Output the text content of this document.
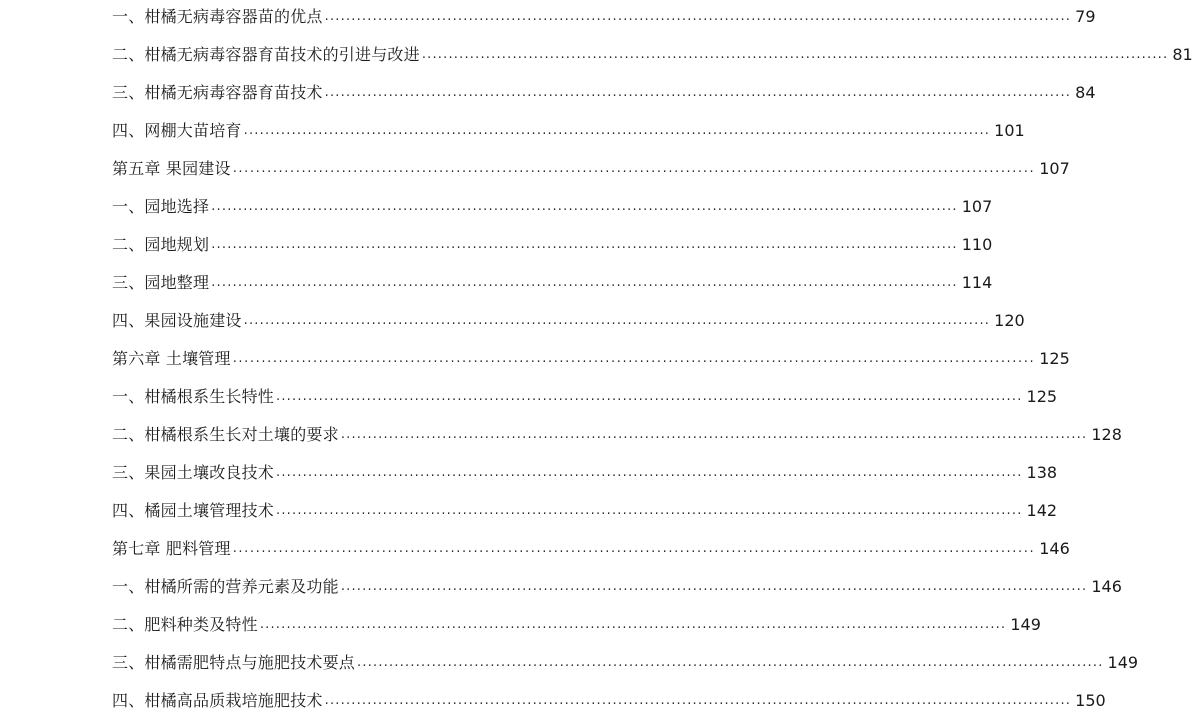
一、柑橘无病毒容器苗的优点 ............................................................................................................................................ 79
二、柑橘无病毒容器育苗技术的引进与改进 ............................................................................................................................................ 81
三、柑橘无病毒容器育苗技术 ............................................................................................................................................ 84
四、网棚大苗培育 ............................................................................................................................................ 101
第五章 果园建设 ............................................................................................................................................ 107
一、园地选择 ............................................................................................................................................ 107
二、园地规划 ............................................................................................................................................ 110
三、园地整理 ............................................................................................................................................ 114
四、果园设施建设 ............................................................................................................................................ 120
第六章 土壤管理 ............................................................................................................................................ 125
一、柑橘根系生长特性 ............................................................................................................................................ 125
二、柑橘根系生长对土壤的要求 ............................................................................................................................................ 128
三、果园土壤改良技术 ............................................................................................................................................ 138
四、橘园土壤管理技术 ............................................................................................................................................ 142
第七章 肥料管理 ............................................................................................................................................ 146
一、柑橘所需的营养元素及功能 ............................................................................................................................................ 146
二、肥料种类及特性 ............................................................................................................................................ 149
三、柑橘需肥特点与施肥技术要点 ............................................................................................................................................ 149
四、柑橘高品质栽培施肥技术 ............................................................................................................................................ 150
